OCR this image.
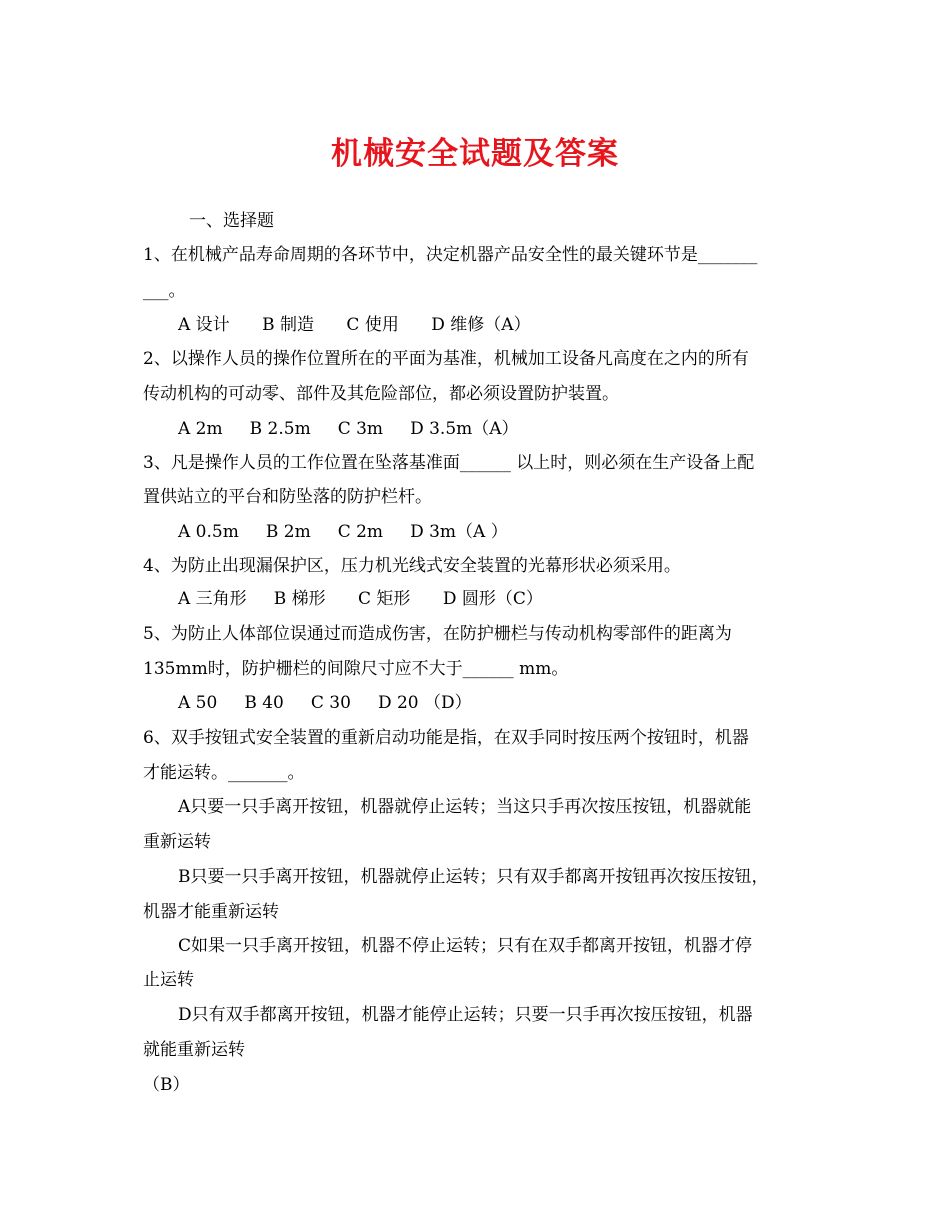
机械安全试题及答案
一、选择题
1、在机械产品寿命周期的各环节中，决定机器产品安全性的最关键环节是_______
___。
A 设计      B 制造      C 使用      D 维修（A）
2、以操作人员的操作位置所在的平面为基准，机械加工设备凡高度在之内的所有
传动机构的可动零、部件及其危险部位，都必须设置防护装置。
A 2m     B 2.5m     C 3m     D 3.5m（A）
3、凡是操作人员的工作位置在坠落基准面______ 以上时，则必须在生产设备上配
置供站立的平台和防坠落的防护栏杆。
A 0.5m     B 2m     C 2m     D 3m（A ）
4、为防止出现漏保护区，压力机光线式安全装置的光幕形状必须采用。
A 三角形     B 梯形      C 矩形      D 圆形（C）
5、为防止人体部位误通过而造成伤害，在防护栅栏与传动机构零部件的距离为
135mm时，防护栅栏的间隙尺寸应不大于______ mm。
A 50     B 40     C 30     D 20 （D）
6、双手按钮式安全装置的重新启动功能是指，在双手同时按压两个按钮时，机器
才能运转。_______。
A只要一只手离开按钮，机器就停止运转；当这只手再次按压按钮，机器就能
重新运转
B只要一只手离开按钮，机器就停止运转；只有双手都离开按钮再次按压按钮，
机器才能重新运转
C如果一只手离开按钮，机器不停止运转；只有在双手都离开按钮，机器才停
止运转
D只有双手都离开按钮，机器才能停止运转；只要一只手再次按压按钮，机器
就能重新运转
（B）
